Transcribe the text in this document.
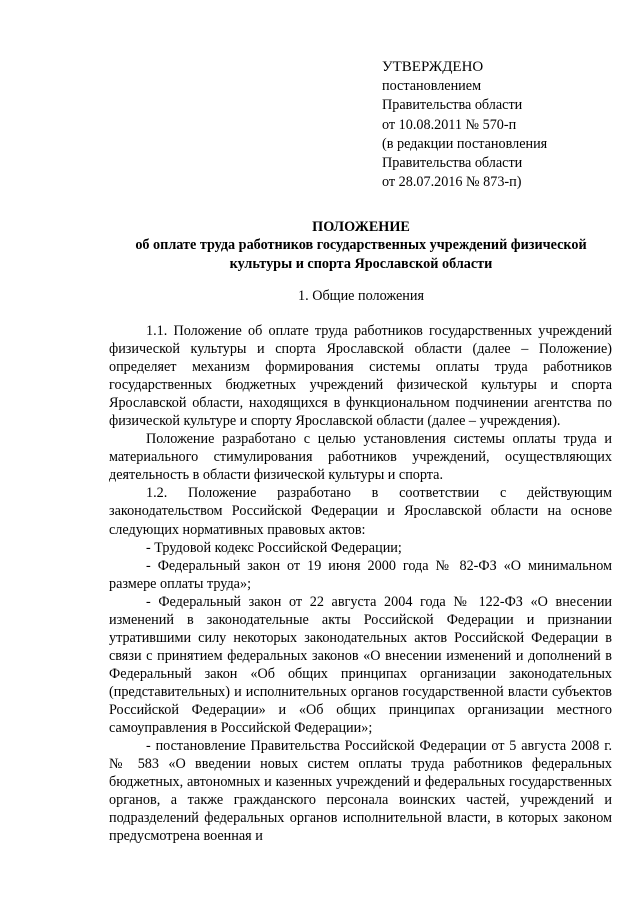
УТВЕРЖДЕНО
постановлением
Правительства области
от 10.08.2011 № 570-п
(в редакции постановления
Правительства области
от 28.07.2016 № 873-п)
ПОЛОЖЕНИЕ
об оплате труда работников государственных учреждений физической культуры и спорта Ярославской области
1. Общие положения

1.1. Положение об оплате труда работников государственных учреждений физической культуры и спорта Ярославской области (далее – Положение) определяет механизм формирования системы оплаты труда работников государственных бюджетных учреждений физической культуры и спорта Ярославской области, находящихся в функциональном подчинении агентства по физической культуре и спорту Ярославской области (далее – учреждения).

Положение разработано с целью установления системы оплаты труда и материального стимулирования работников учреждений, осуществляющих деятельность в области физической культуры и спорта.

1.2. Положение разработано в соответствии с действующим законодательством Российской Федерации и Ярославской области на основе следующих нормативных правовых актов:

- Трудовой кодекс Российской Федерации;

- Федеральный закон от 19 июня 2000 года № 82-ФЗ «О минимальном размере оплаты труда»;

- Федеральный закон от 22 августа 2004 года № 122-ФЗ «О внесении изменений в законодательные акты Российской Федерации и признании утратившими силу некоторых законодательных актов Российской Федерации в связи с принятием федеральных законов «О внесении изменений и дополнений в Федеральный закон «Об общих принципах организации законодательных (представительных) и исполнительных органов государственной власти субъектов Российской Федерации» и «Об общих принципах организации местного самоуправления в Российской Федерации»;

- постановление Правительства Российской Федерации от 5 августа 2008 г. № 583 «О введении новых систем оплаты труда работников федеральных бюджетных, автономных и казенных учреждений и федеральных государственных органов, а также гражданского персонала воинских частей, учреждений и подразделений федеральных органов исполнительной власти, в которых законом предусмотрена военная и
